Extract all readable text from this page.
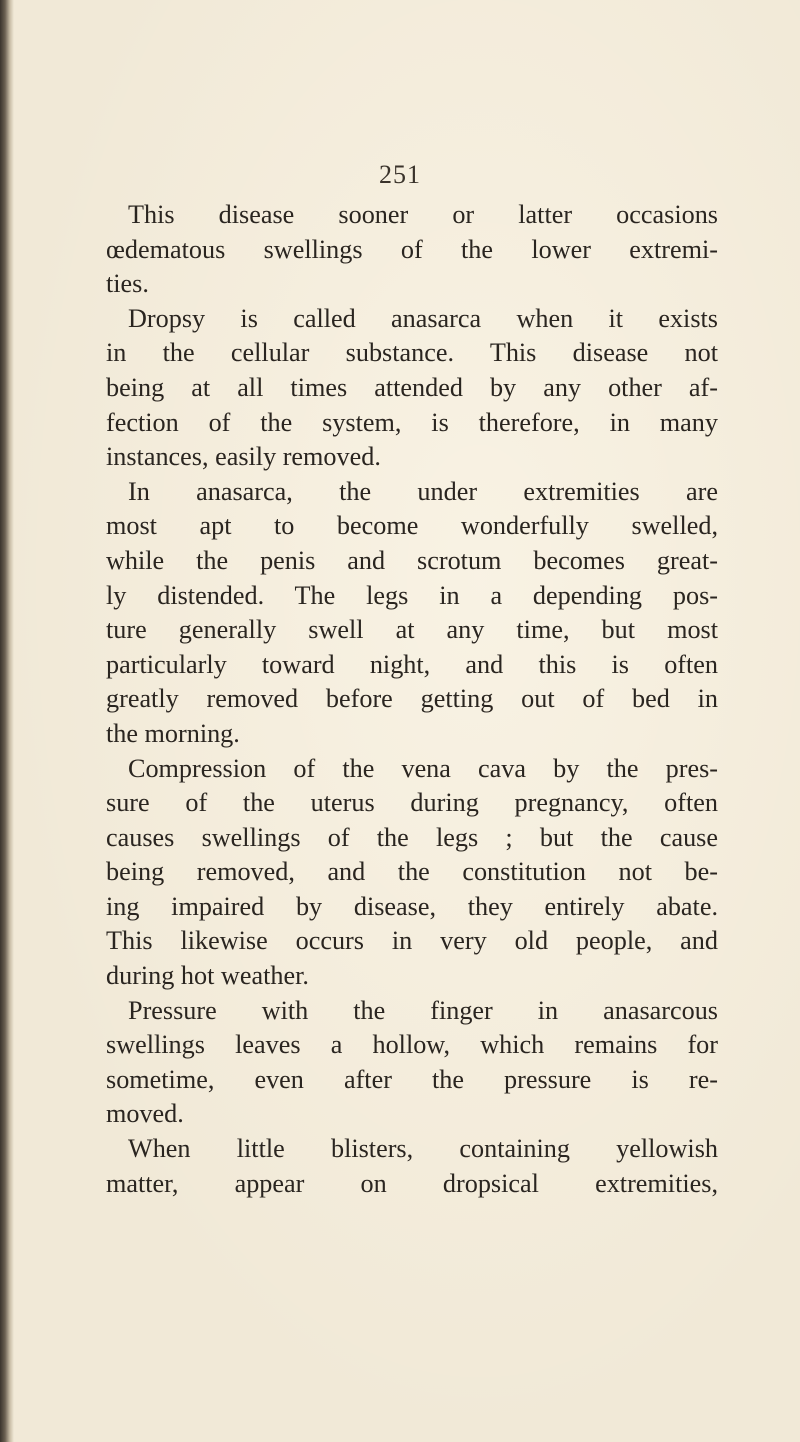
251
This disease sooner or latter occasions
œdematous swellings of the lower extremi-
ties.
Dropsy is called anasarca when it exists
in the cellular substance. This disease not
being at all times attended by any other af-
fection of the system, is therefore, in many
instances, easily removed.
In anasarca, the under extremities are
most apt to become wonderfully swelled,
while the penis and scrotum becomes great-
ly distended. The legs in a depending pos-
ture generally swell at any time, but most
particularly toward night, and this is often
greatly removed before getting out of bed in
the morning.
Compression of the vena cava by the pres-
sure of the uterus during pregnancy, often
causes swellings of the legs ; but the cause
being removed, and the constitution not be-
ing impaired by disease, they entirely abate.
This likewise occurs in very old people, and
during hot weather.
Pressure with the finger in anasarcous
swellings leaves a hollow, which remains for
sometime, even after the pressure is re-
moved.
When little blisters, containing yellowish
matter, appear on dropsical extremities,
